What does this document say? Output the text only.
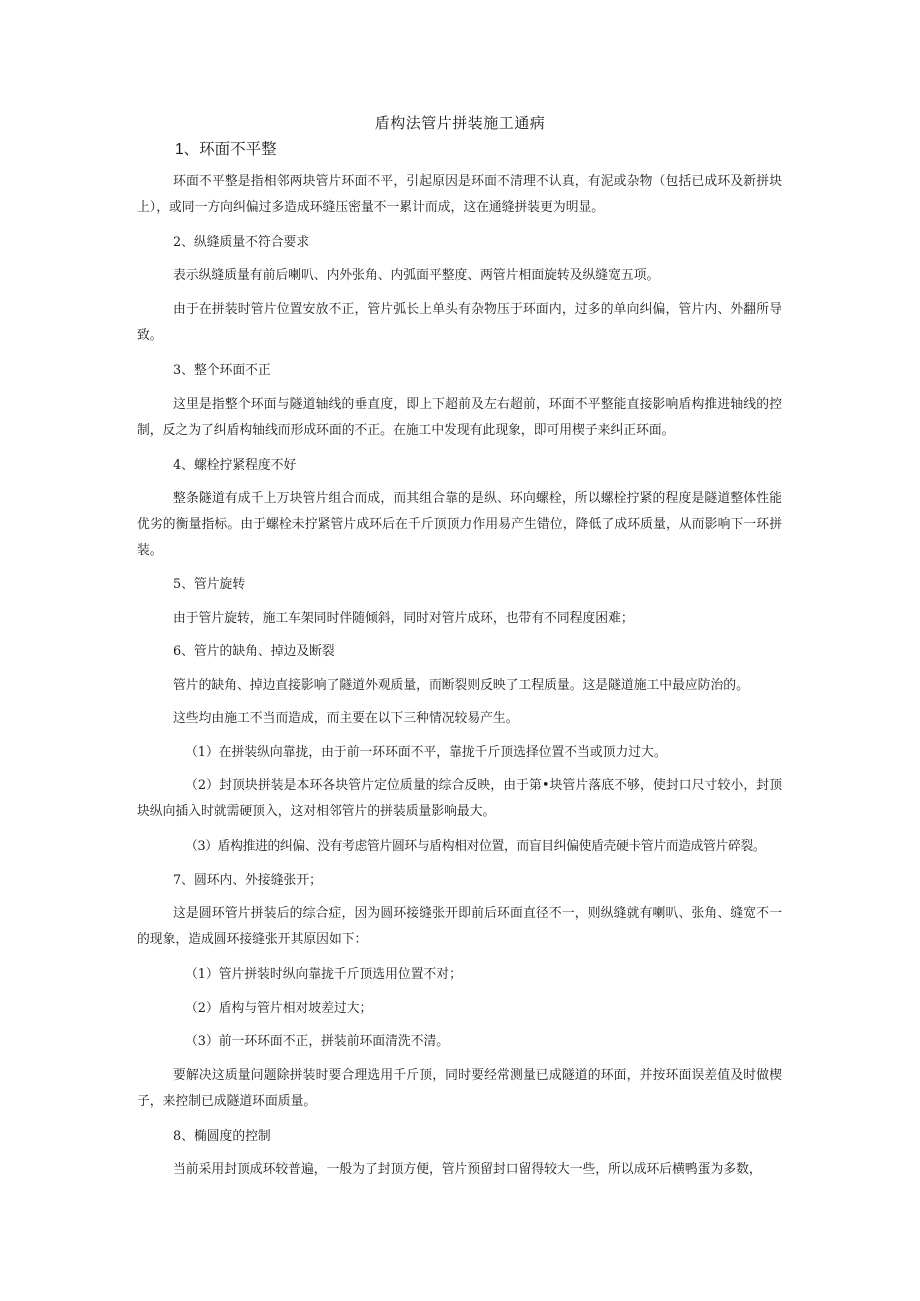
盾构法管片拼装施工通病
1、环面不平整

环面不平整是指相邻两块管片环面不平，引起原因是环面不清理不认真，有泥或杂物（包括已成环及新拼块上），或同一方向纠偏过多造成环缝压密量不一累计而成，这在通缝拼装更为明显。

2、纵缝质量不符合要求

表示纵缝质量有前后喇叭、内外张角、内弧面平整度、两管片相面旋转及纵缝宽五项。

由于在拼装时管片位置安放不正，管片弧长上单头有杂物压于环面内，过多的单向纠偏，管片内、外翻所导致。

3、整个环面不正

这里是指整个环面与隧道轴线的垂直度，即上下超前及左右超前，环面不平整能直接影响盾构推进轴线的控制，反之为了纠盾构轴线而形成环面的不正。在施工中发现有此现象，即可用楔子来纠正环面。

4、螺栓拧紧程度不好

整条隧道有成千上万块管片组合而成，而其组合靠的是纵、环向螺栓，所以螺栓拧紧的程度是隧道整体性能优劣的衡量指标。由于螺栓未拧紧管片成环后在千斤顶顶力作用易产生错位，降低了成环质量，从而影响下一环拼装。

5、管片旋转

由于管片旋转，施工车架同时伴随倾斜，同时对管片成环，也带有不同程度困难；

6、管片的缺角、掉边及断裂

管片的缺角、掉边直接影响了隧道外观质量，而断裂则反映了工程质量。这是隧道施工中最应防治的。

这些均由施工不当而造成，而主要在以下三种情况较易产生。

（1）在拼装纵向靠拢，由于前一环环面不平，靠拢千斤顶选择位置不当或顶力过大。

（2）封顶块拼装是本环各块管片定位质量的综合反映，由于第•块管片落底不够，使封口尺寸较小，封顶块纵向插入时就需硬顶入，这对相邻管片的拼装质量影响最大。

（3）盾构推进的纠偏、没有考虑管片圆环与盾构相对位置，而盲目纠偏使盾壳硬卡管片而造成管片碎裂。

7、圆环内、外接缝张开；

这是圆环管片拼装后的综合症，因为圆环接缝张开即前后环面直径不一，则纵缝就有喇叭、张角、缝宽不一的现象，造成圆环接缝张开其原因如下：

（1）管片拼装时纵向靠拢千斤顶选用位置不对；

（2）盾构与管片相对坡差过大；

（3）前一环环面不正，拼装前环面清洗不清。

要解决这质量问题除拼装时要合理选用千斤顶，同时要经常测量已成隧道的环面，并按环面误差值及时做楔子，来控制已成隧道环面质量。

8、椭圆度的控制

当前采用封顶成环较普遍，一般为了封顶方便，管片预留封口留得较大一些，所以成环后横鸭蛋为多数，
